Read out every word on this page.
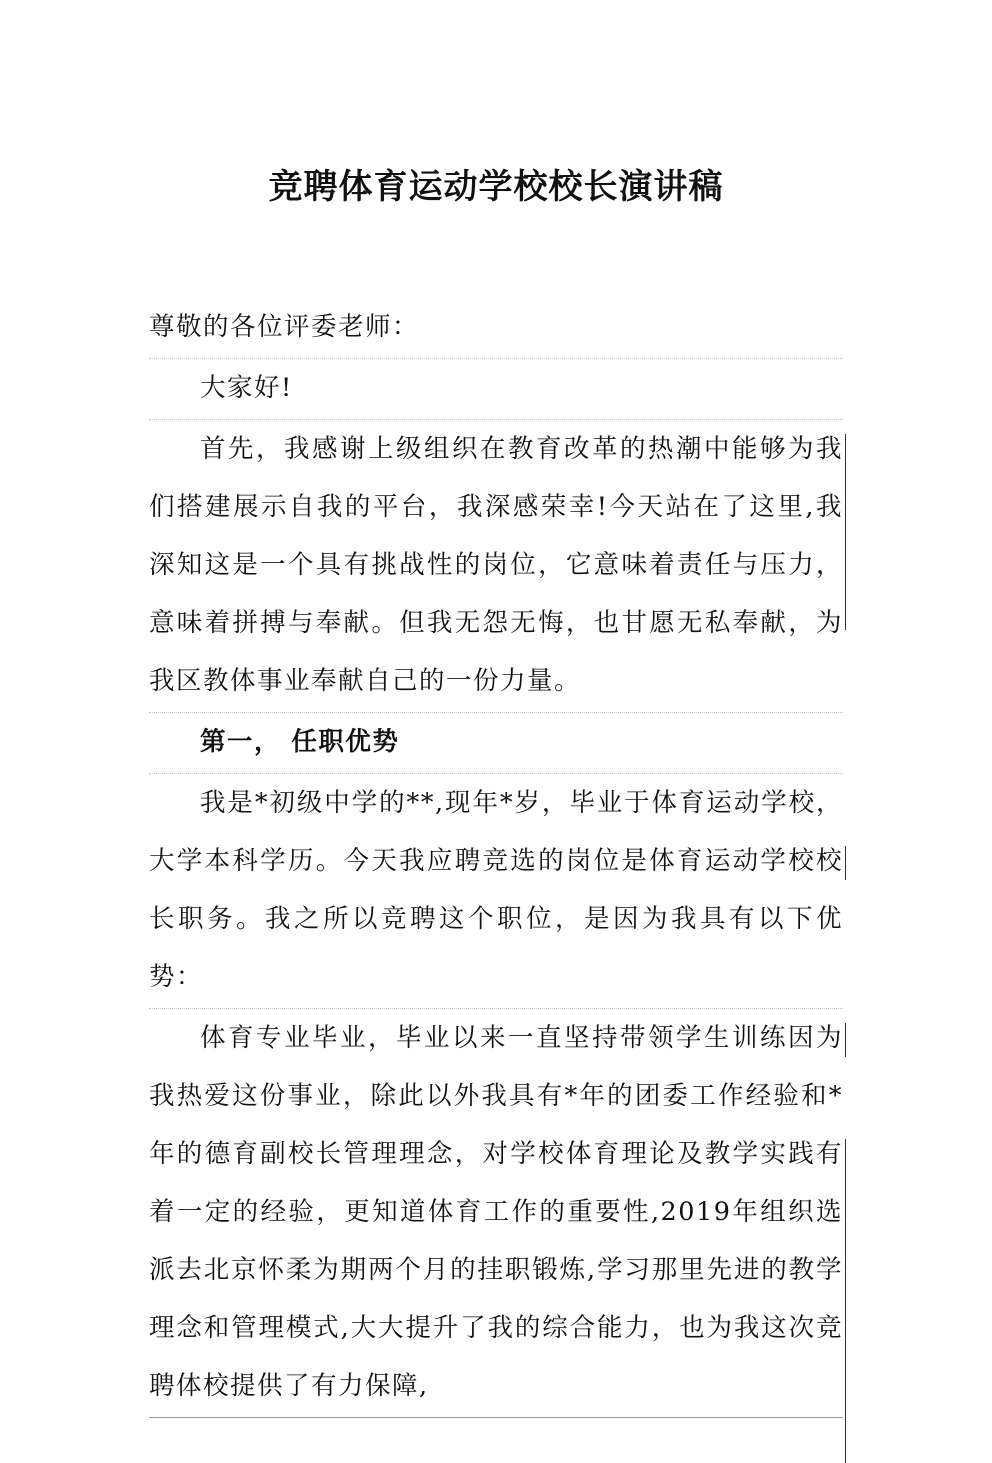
竞聘体育运动学校校长演讲稿
尊敬的各位评委老师：
大家好!
首先，我感谢上级组织在教育改革的热潮中能够为我们搭建展示自我的平台，我深感荣幸!今天站在了这里,我深知这是一个具有挑战性的岗位，它意味着责任与压力，意味着拼搏与奉献。但我无怨无悔，也甘愿无私奉献，为我区教体事业奉献自己的一份力量。
第一， 任职优势
我是*初级中学的**,现年*岁，毕业于体育运动学校，大学本科学历。今天我应聘竞选的岗位是体育运动学校校长职务。我之所以竞聘这个职位，是因为我具有以下优势：
体育专业毕业，毕业以来一直坚持带领学生训练因为我热爱这份事业，除此以外我具有*年的团委工作经验和*年的德育副校长管理理念，对学校体育理论及教学实践有着一定的经验，更知道体育工作的重要性,2019年组织选派去北京怀柔为期两个月的挂职锻炼,学习那里先进的教学理念和管理模式,大大提升了我的综合能力，也为我这次竞聘体校提供了有力保障,
